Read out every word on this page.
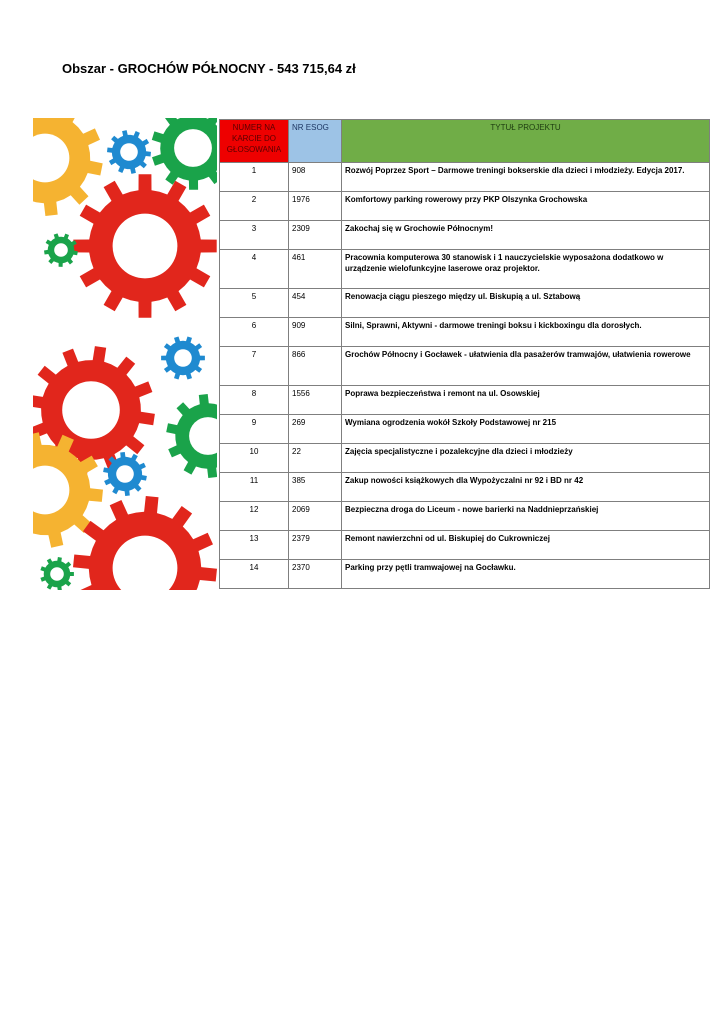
Obszar - GROCHÓW PÓŁNOCNY - 543 715,64 zł
NUMER NA KARCIE DO GŁOSOWANIA	NR ESOG	TYTUŁ PROJEKTU
1	908	Rozwój Poprzez Sport – Darmowe treningi bokserskie dla dzieci i młodzieży. Edycja 2017.
2	1976	Komfortowy parking rowerowy przy PKP Olszynka Grochowska
3	2309	Zakochaj się w Grochowie Północnym!
4	461	Pracownia komputerowa 30 stanowisk i 1 nauczycielskie wyposażona dodatkowo w urządzenie wielofunkcyjne laserowe oraz projektor.
5	454	Renowacja ciągu pieszego między ul. Biskupią a ul. Sztabową
6	909	Silni, Sprawni, Aktywni - darmowe treningi boksu i kickboxingu dla dorosłych.
7	866	Grochów Północny i Gocławek - ułatwienia dla pasażerów tramwajów, ułatwienia rowerowe
8	1556	Poprawa bezpieczeństwa i remont na ul. Osowskiej
9	269	Wymiana ogrodzenia wokół Szkoły Podstawowej nr 215
10	22	Zajęcia specjalistyczne i pozalekcyjne dla dzieci i młodzieży
11	385	Zakup nowości książkowych dla Wypożyczalni nr 92 i BD nr 42
12	2069	Bezpieczna droga do Liceum - nowe barierki na Naddnieprzańskiej
13	2379	Remont nawierzchni od ul. Biskupiej do Cukrowniczej
14	2370	Parking przy pętli tramwajowej na Gocławku.
